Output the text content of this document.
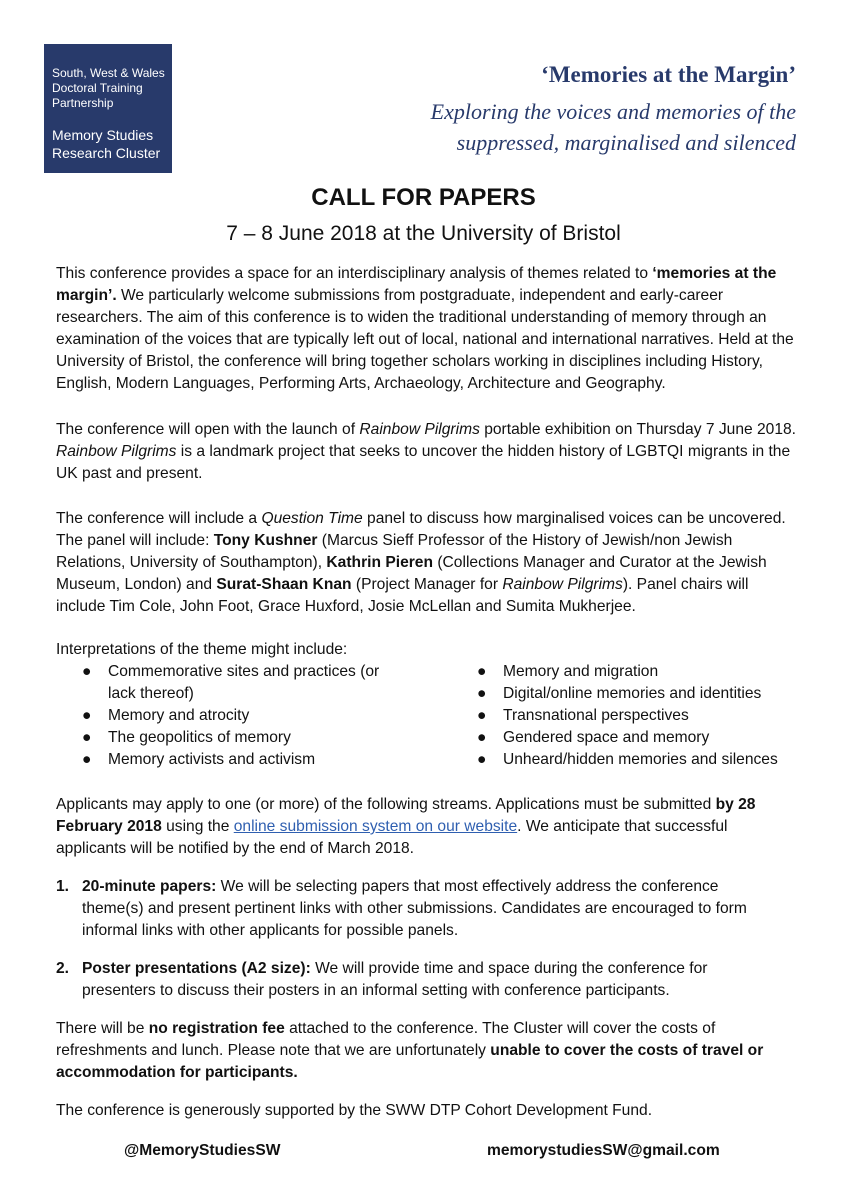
South, West & Wales
Doctoral Training
Partnership
Memory Studies
Research Cluster
‘Memories at the Margin’
Exploring the voices and memories of the
suppressed, marginalised and silenced
CALL FOR PAPERS
7 – 8 June 2018 at the University of Bristol

This conference provides a space for an interdisciplinary analysis of themes related to ‘memories at the margin’. We particularly welcome submissions from postgraduate, independent and early-career researchers. The aim of this conference is to widen the traditional understanding of memory through an examination of the voices that are typically left out of local, national and international narratives. Held at the University of Bristol, the conference will bring together scholars working in disciplines including History, English, Modern Languages, Performing Arts, Archaeology, Architecture and Geography.

The conference will open with the launch of Rainbow Pilgrims portable exhibition on Thursday 7 June 2018. Rainbow Pilgrims is a landmark project that seeks to uncover the hidden history of LGBTQI migrants in the UK past and present.

The conference will include a Question Time panel to discuss how marginalised voices can be uncovered. The panel will include: Tony Kushner (Marcus Sieff Professor of the History of Jewish/non Jewish Relations, University of Southampton), Kathrin Pieren (Collections Manager and Curator at the Jewish Museum, London) and Surat-Shaan Knan (Project Manager for Rainbow Pilgrims). Panel chairs will include Tim Cole, John Foot, Grace Huxford, Josie McLellan and Sumita Mukherjee.

Interpretations of the theme might include:

● Commemorative sites and practices (or lack thereof)
● Memory and atrocity
● The geopolitics of memory
● Memory activists and activism
● Memory and migration
● Digital/online memories and identities
● Transnational perspectives
● Gendered space and memory
● Unheard/hidden memories and silences

Applicants may apply to one (or more) of the following streams. Applications must be submitted by 28 February 2018 using the online submission system on our website. We anticipate that successful applicants will be notified by the end of March 2018.

1. 20-minute papers: We will be selecting papers that most effectively address the conference theme(s) and present pertinent links with other submissions. Candidates are encouraged to form informal links with other applicants for possible panels.

2. Poster presentations (A2 size): We will provide time and space during the conference for presenters to discuss their posters in an informal setting with conference participants.

There will be no registration fee attached to the conference. The Cluster will cover the costs of refreshments and lunch. Please note that we are unfortunately unable to cover the costs of travel or accommodation for participants.

The conference is generously supported by the SWW DTP Cohort Development Fund.

@MemoryStudiesSW	memorystudiesSW@gmail.com
